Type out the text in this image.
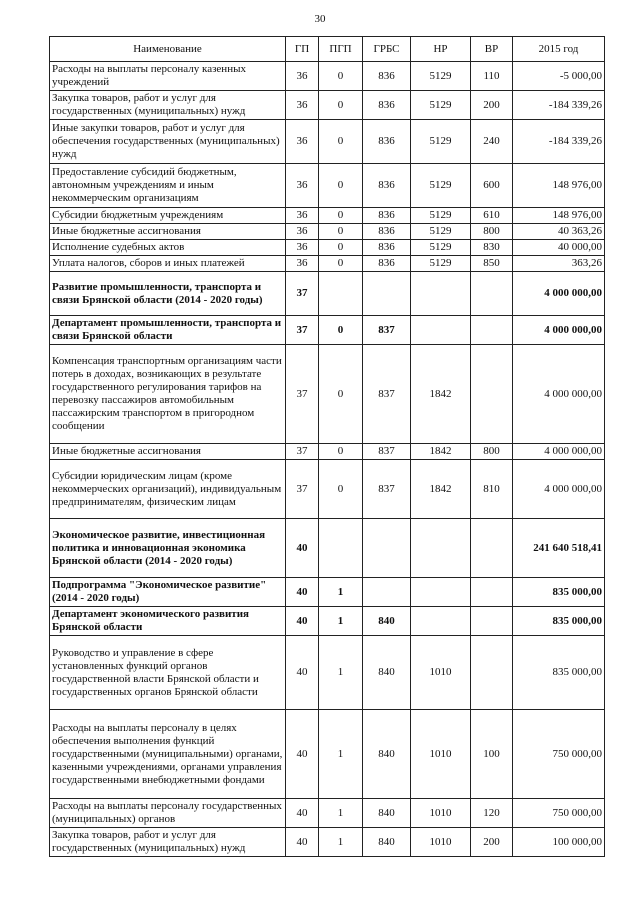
30
Наименование	ГП	ПГП	ГРБС	НР	ВР	2015 год
Расходы на выплаты персоналу казенных учреждений	36	0	836	5129	110	-5 000,00
Закупка товаров, работ и услуг для государственных (муниципальных) нужд	36	0	836	5129	200	-184 339,26
Иные закупки товаров, работ и услуг для обеспечения государственных (муниципальных) нужд	36	0	836	5129	240	-184 339,26
Предоставление субсидий бюджетным, автономным учреждениям и иным некоммерческим организациям	36	0	836	5129	600	148 976,00
Субсидии бюджетным учреждениям	36	0	836	5129	610	148 976,00
Иные бюджетные ассигнования	36	0	836	5129	800	40 363,26
Исполнение судебных актов	36	0	836	5129	830	40 000,00
Уплата налогов, сборов и иных платежей	36	0	836	5129	850	363,26
Развитие промышленности, транспорта и связи Брянской области (2014 - 2020 годы)	37					4 000 000,00
Департамент промышленности, транспорта и связи Брянской области	37	0	837			4 000 000,00
Компенсация транспортным организациям части потерь в доходах, возникающих в результате государственного регулирования тарифов на перевозку пассажиров автомобильным пассажирским транспортом в пригородном сообщении	37	0	837	1842		4 000 000,00
Иные бюджетные ассигнования	37	0	837	1842	800	4 000 000,00
Субсидии юридическим лицам (кроме некоммерческих организаций), индивидуальным предпринимателям, физическим лицам	37	0	837	1842	810	4 000 000,00
Экономическое развитие, инвестиционная политика и инновационная экономика Брянской области (2014 - 2020 годы)	40					241 640 518,41
Подпрограмма "Экономическое развитие" (2014 - 2020 годы)	40	1				835 000,00
Департамент экономического развития Брянской области	40	1	840			835 000,00
Руководство и управление в сфере установленных функций органов государственной власти Брянской области и государственных органов Брянской области	40	1	840	1010		835 000,00
Расходы на выплаты персоналу в целях обеспечения выполнения функций государственными (муниципальными) органами, казенными учреждениями, органами управления государственными внебюджетными фондами	40	1	840	1010	100	750 000,00
Расходы на выплаты персоналу государственных (муниципальных) органов	40	1	840	1010	120	750 000,00
Закупка товаров, работ и услуг для государственных (муниципальных) нужд	40	1	840	1010	200	100 000,00
